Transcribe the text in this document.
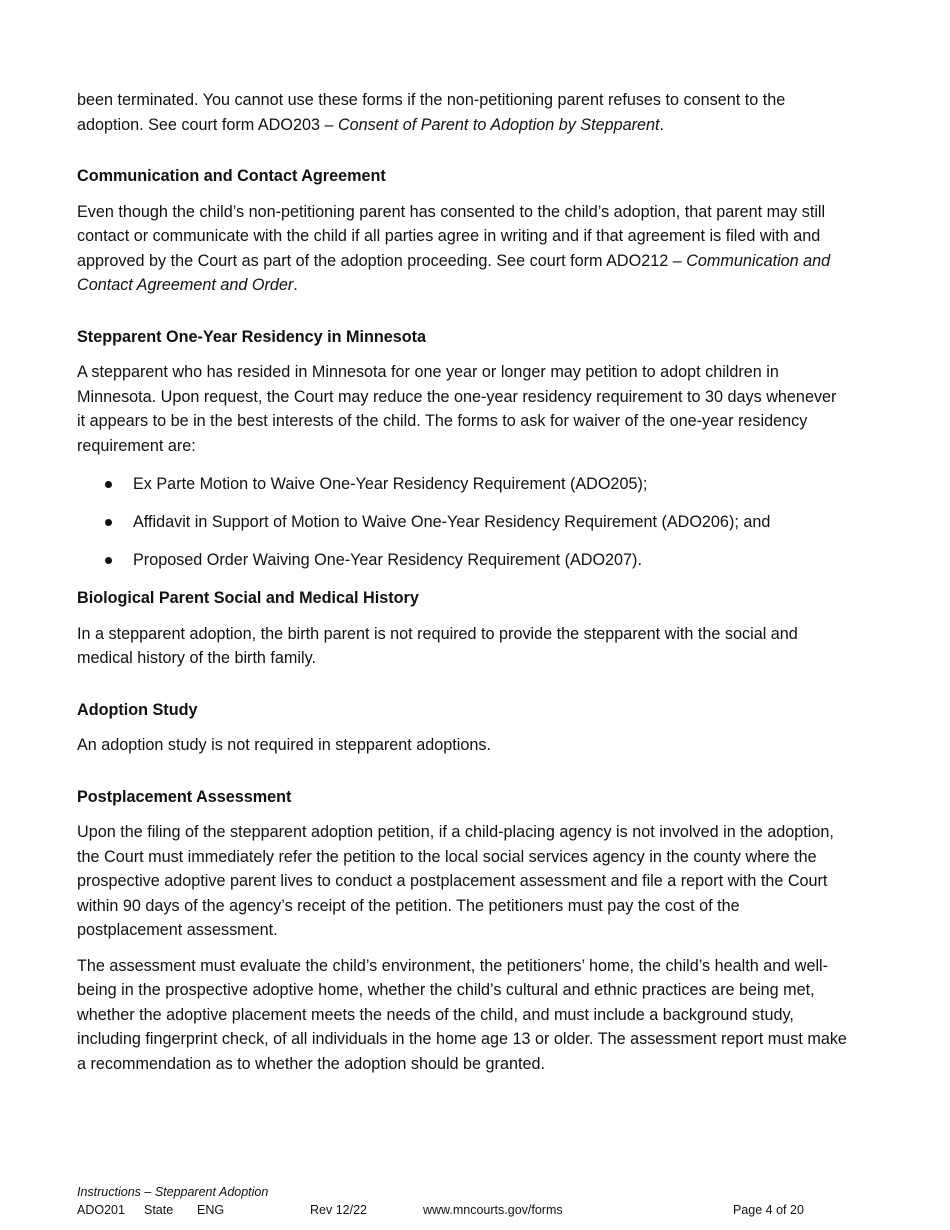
been terminated. You cannot use these forms if the non-petitioning parent refuses to consent to the adoption. See court form ADO203 – Consent of Parent to Adoption by Stepparent.

Communication and Contact Agreement

Even though the child’s non-petitioning parent has consented to the child’s adoption, that parent may still contact or communicate with the child if all parties agree in writing and if that agreement is filed with and approved by the Court as part of the adoption proceeding. See court form ADO212 – Communication and Contact Agreement and Order.

Stepparent One-Year Residency in Minnesota

A stepparent who has resided in Minnesota for one year or longer may petition to adopt children in Minnesota. Upon request, the Court may reduce the one-year residency requirement to 30 days whenever it appears to be in the best interests of the child. The forms to ask for waiver of the one-year residency requirement are:

Ex Parte Motion to Waive One-Year Residency Requirement (ADO205);
Affidavit in Support of Motion to Waive One-Year Residency Requirement (ADO206); and
Proposed Order Waiving One-Year Residency Requirement (ADO207).
Biological Parent Social and Medical History

In a stepparent adoption, the birth parent is not required to provide the stepparent with the social and medical history of the birth family.

Adoption Study

An adoption study is not required in stepparent adoptions.

Postplacement Assessment

Upon the filing of the stepparent adoption petition, if a child-placing agency is not involved in the adoption, the Court must immediately refer the petition to the local social services agency in the county where the prospective adoptive parent lives to conduct a postplacement assessment and file a report with the Court within 90 days of the agency’s receipt of the petition. The petitioners must pay the cost of the postplacement assessment.

The assessment must evaluate the child’s environment, the petitioners’ home, the child’s health and well-being in the prospective adoptive home, whether the child’s cultural and ethnic practices are being met, whether the adoptive placement meets the needs of the child, and must include a background study, including fingerprint check, of all individuals in the home age 13 or older. The assessment report must make a recommendation as to whether the adoption should be granted.

Instructions – Stepparent Adoption
ADO201 State ENG	Rev 12/22	www.mncourts.gov/forms	Page 4 of 20
